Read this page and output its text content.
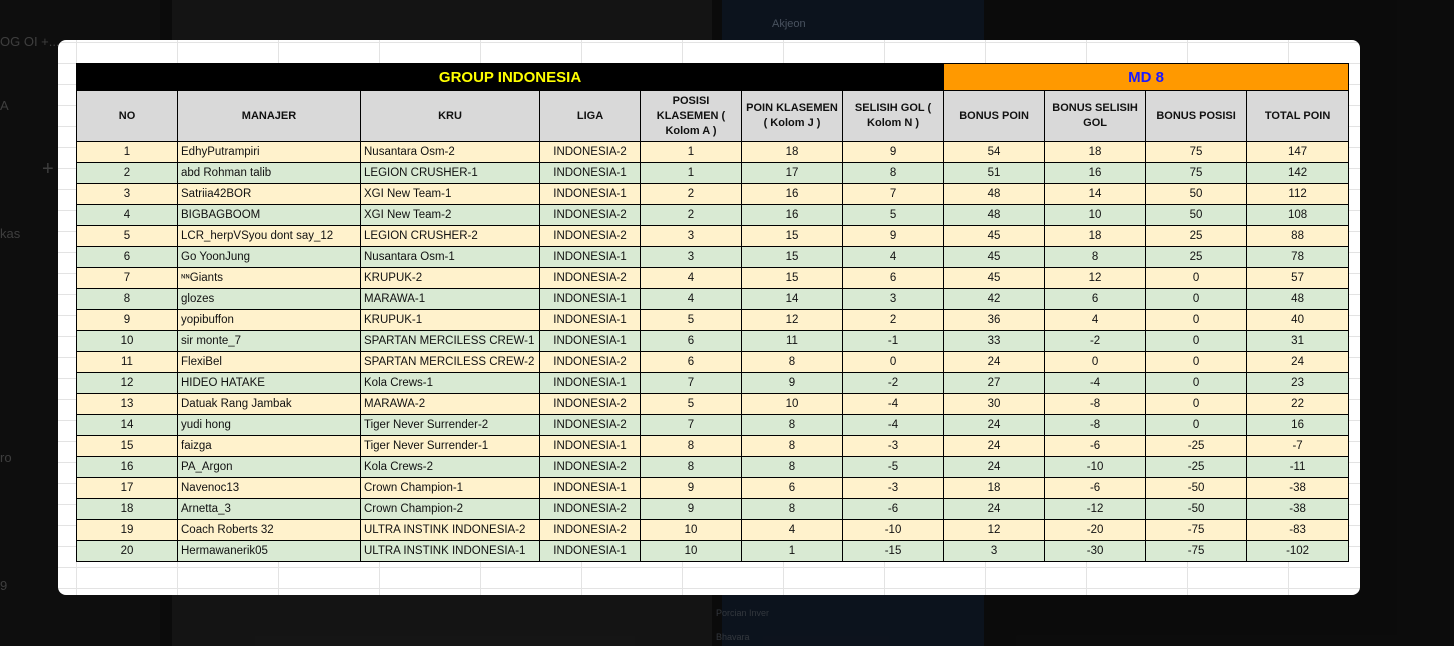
GROUP INDONESIA							MD 8			
NO	MANAJER	KRU	LIGA	POSISI KLASEMEN ( Kolom A )	POIN KLASEMEN ( Kolom J )	SELISIH GOL ( Kolom N )	BONUS POIN	BONUS SELISIH GOL	BONUS POSISI	TOTAL POIN
1	EdhyPutrampiri	Nusantara Osm-2	INDONESIA-2	1	18	9	54	18	75	147
2	abd Rohman talib	LEGION CRUSHER-1	INDONESIA-1	1	17	8	51	16	75	142
3	Satriia42BOR	XGI New Team-1	INDONESIA-1	2	16	7	48	14	50	112
4	BIGBAGBOOM	XGI New Team-2	INDONESIA-2	2	16	5	48	10	50	108
5	LCR_herpVSyou dont say_12	LEGION CRUSHER-2	INDONESIA-2	3	15	9	45	18	25	88
6	Go YoonJung	Nusantara Osm-1	INDONESIA-1	3	15	4	45	8	25	78
7	ᶰᶰGiants	KRUPUK-2	INDONESIA-2	4	15	6	45	12	0	57
8	glozes	MARAWA-1	INDONESIA-1	4	14	3	42	6	0	48
9	yopibuffon	KRUPUK-1	INDONESIA-1	5	12	2	36	4	0	40
10	sir monte_7	SPARTAN MERCILESS CREW-1	INDONESIA-1	6	11	-1	33	-2	0	31
11	FlexiBel	SPARTAN MERCILESS CREW-2	INDONESIA-2	6	8	0	24	0	0	24
12	HIDEO HATAKE	Kola Crews-1	INDONESIA-1	7	9	-2	27	-4	0	23
13	Datuak Rang Jambak	MARAWA-2	INDONESIA-2	5	10	-4	30	-8	0	22
14	yudi hong	Tiger Never Surrender-2	INDONESIA-2	7	8	-4	24	-8	0	16
15	faizga	Tiger Never Surrender-1	INDONESIA-1	8	8	-3	24	-6	-25	-7
16	PA_Argon	Kola Crews-2	INDONESIA-2	8	8	-5	24	-10	-25	-11
17	Navenoc13	Crown Champion-1	INDONESIA-1	9	6	-3	18	-6	-50	-38
18	Arnetta_3	Crown Champion-2	INDONESIA-2	9	8	-6	24	-12	-50	-38
19	Coach Roberts 32	ULTRA INSTINK INDONESIA-2	INDONESIA-2	10	4	-10	12	-20	-75	-83
20	Hermawanerik05	ULTRA INSTINK INDONESIA-1	INDONESIA-1	10	1	-15	3	-30	-75	-102
